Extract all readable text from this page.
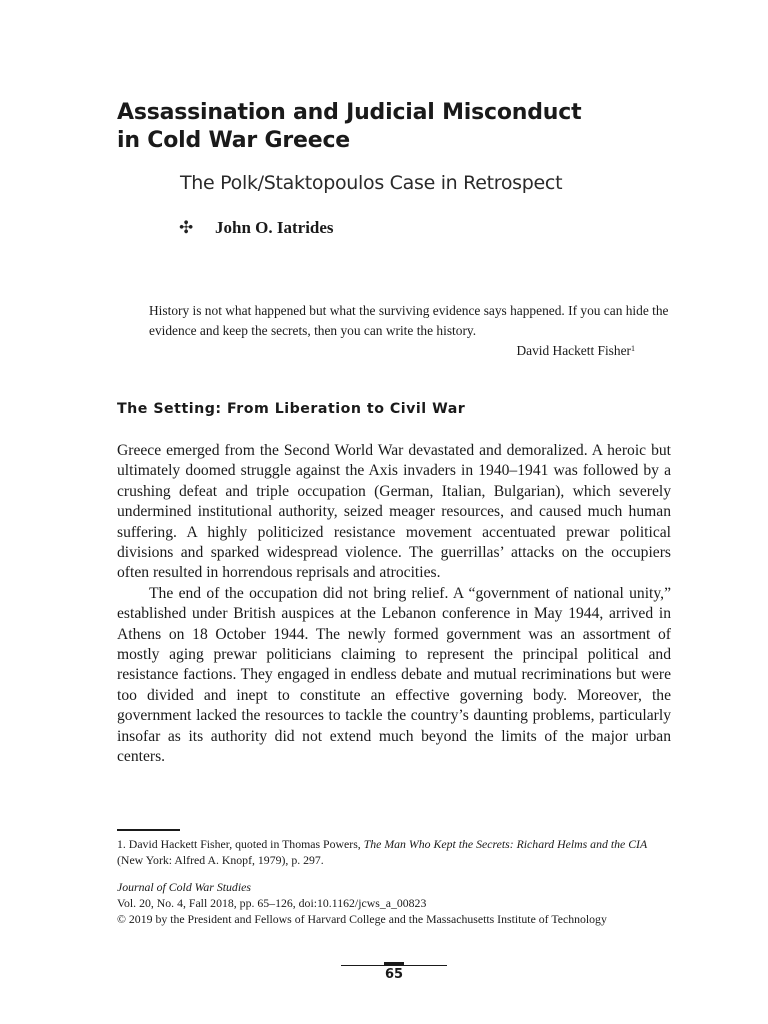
Assassination and Judicial Misconduct
in Cold War Greece
The Polk/Staktopoulos Case in Retrospect
✣	John O. Iatrides

History is not what happened but what the surviving evidence says happened. If you can hide the evidence and keep the secrets, then you can write the history.

David Hackett Fisher$^1$

The Setting: From Liberation to Civil War

Greece emerged from the Second World War devastated and demoralized. A heroic but ultimately doomed struggle against the Axis invaders in 1940–1941 was followed by a crushing defeat and triple occupation (German, Italian, Bulgarian), which severely undermined institutional authority, seized meager resources, and caused much human suffering. A highly politicized resistance movement accentuated prewar political divisions and sparked widespread violence. The guerrillas’ attacks on the occupiers often resulted in horrendous reprisals and atrocities.

The end of the occupation did not bring relief. A “government of national unity,” established under British auspices at the Lebanon conference in May 1944, arrived in Athens on 18 October 1944. The newly formed government was an assortment of mostly aging prewar politicians claiming to represent the principal political and resistance factions. They engaged in endless debate and mutual recriminations but were too divided and inept to constitute an effective governing body. Moreover, the government lacked the resources to tackle the country’s daunting problems, particularly insofar as its authority did not extend much beyond the limits of the major urban centers.

1. David Hackett Fisher, quoted in Thomas Powers, The Man Who Kept the Secrets: Richard Helms and the CIA (New York: Alfred A. Knopf, 1979), p. 297.

Journal of Cold War Studies

Vol. 20, No. 4, Fall 2018, pp. 65–126, doi:10.1162/jcws_a_00823

© 2019 by the President and Fellows of Harvard College and the Massachusetts Institute of Technology

65
